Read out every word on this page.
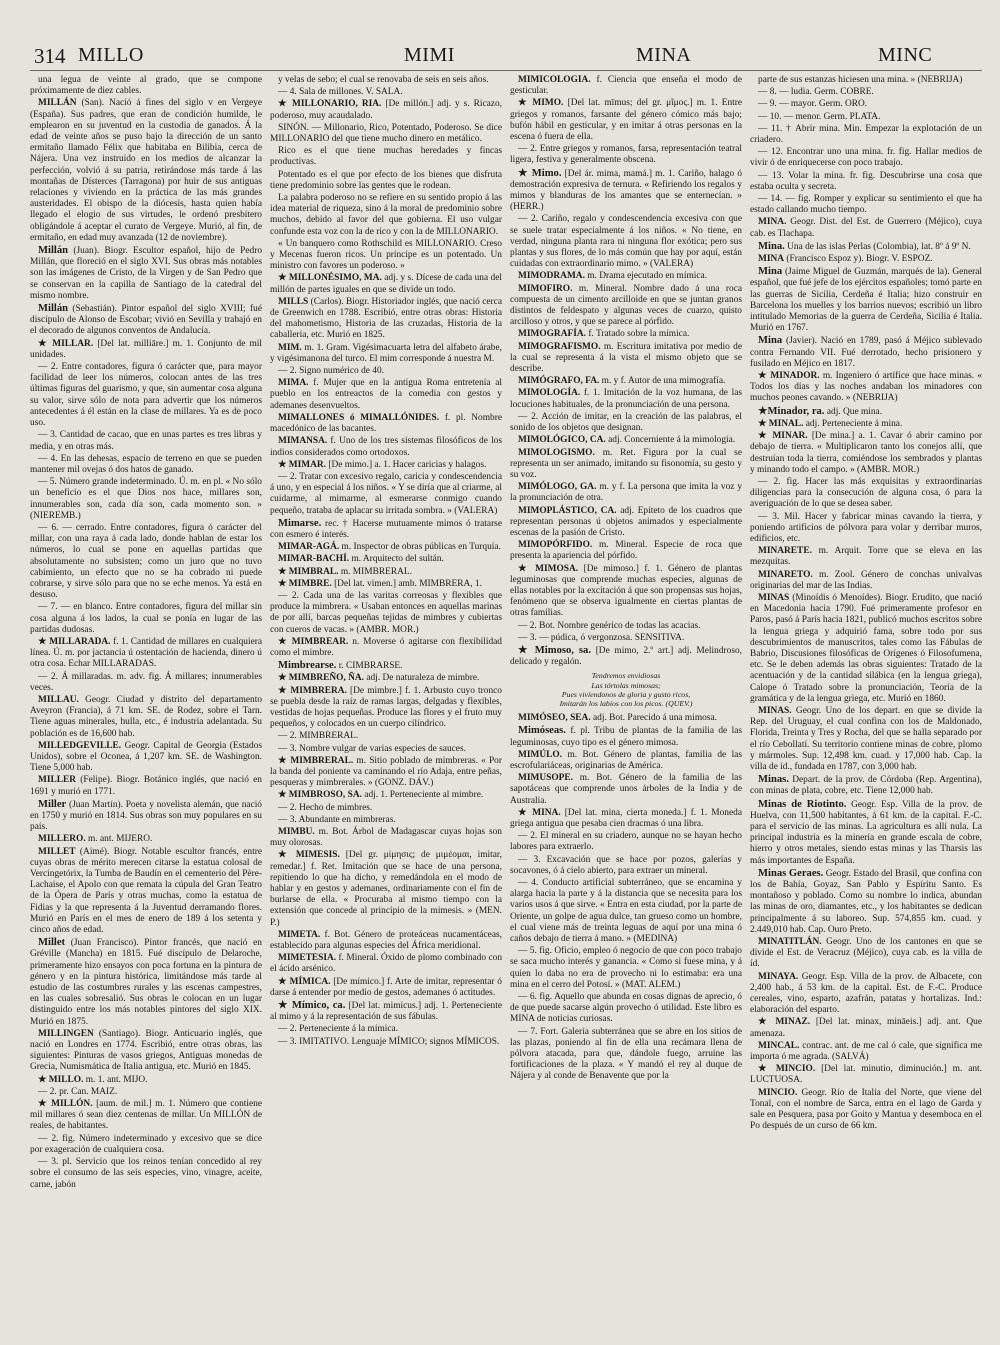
314 MILLO	MIMI	MINA	MINC

una legua de veinte al grado, que se compone próximamente de diez cables.

MILLÁN (San). Nació á fines del siglo v en Vergeye (España). Sus padres, que eran de condición humilde, le emplearon en su juventud en la custodia de ganados. Á la edad de veinte años se puso bajo la dirección de un santo ermitaño llamado Félix que habitaba en Bilibia, cerca de Nájera. Una vez instruído en los medios de alcanzar la perfección, volvió á su patria, retirándose más tarde á las montañas de Dísterces (Tarragona) por huir de sus antiguas relaciones y viviendo en la práctica de las más grandes austeridades. El obispo de la diócesis, hasta quien había llegado el elogio de sus virtudes, le ordenó presbítero obligándole á aceptar el curato de Vergeye. Murió, al fin, de ermitaño, en edad muy avanzada (12 de noviembre).

Millán (Juan). Biogr. Escultor español, hijo de Pedro Millán, que floreció en el siglo XVI. Sus obras más notables son las imágenes de Cristo, de la Virgen y de San Pedro que se conservan en la capilla de Santiago de la catedral del mismo nombre.

Millán (Sebastián). Pintor español del siglo XVIII; fué discípulo de Alonso de Escobar; vivió en Sevilla y trabajó en el decorado de algunos conventos de Andalucía.

★ MILLAR. [Del lat. milliāre.] m. 1. Conjunto de mil unidades.

— 2. Entre contadores, figura ó carácter que, para mayor facilidad de leer los números, colocan antes de las tres últimas figuras del guarismo, y que, sin aumentar cosa alguna su valor, sirve sólo de nota para advertir que los números antecedentes á él están en la clase de millares. Ya es de poco uso.

— 3. Cantidad de cacao, que en unas partes es tres libras y media, y en otras más.

— 4. En las dehesas, espacio de terreno en que se pueden mantener mil ovejas ó dos hatos de ganado.

— 5. Número grande indeterminado. Ú. m. en pl. « No sólo un beneficio es el que Dios nos hace, millares son, innumerables son, cada día son, cada momento son. » (NIEREMB.)

— 6. — cerrado. Entre contadores, figura ó carácter del millar, con una raya á cada lado, donde hablan de estar los números, lo cual se pone en aquellas partidas que absolutamente no subsisten; como un juro que no tuvo cabimiento, un efecto que no se ha cobrado ni puede cobrarse, y sirve sólo para que no se eche menos. Ya está en desuso.

— 7. — en blanco. Entre contadores, figura del millar sin cosa alguna á los lados, la cual se ponía en lugar de las partidas dudosas.

★ MILLARADA. f. 1. Cantidad de millares en cualquiera línea. Ú. m. por jactancia ú ostentación de hacienda, dinero ú otra cosa. Echar MILLARADAS.

— 2. Á millaradas. m. adv. fig. Á millares; innumerables veces.

MILLAU. Geogr. Ciudad y distrito del departamento Aveyron (Francia), á 71 km. SE. de Rodez, sobre el Tarn. Tiene aguas minerales, hulla, etc., é industria adelantada. Su población es de 16,600 hab.

MILLEDGEVILLE. Geogr. Capital de Georgia (Estados Unidos), sobre el Oconea, á 1,207 km. SE. de Washington. Tiene 5,000 hab.

MILLER (Felipe). Biogr. Botánico inglés, que nació en 1691 y murió en 1771.

Miller (Juan Martín). Poeta y novelista alemán, que nació en 1750 y murió en 1814. Sus obras son muy populares en su país.

MILLERO. m. ant. MIJERO.

MILLET (Aimé). Biogr. Notable escultor francés, entre cuyas obras de mérito merecen citarse la estatua colosal de Vercingetórix, la Tumba de Baudín en el cementerio del Père-Lachaise, el Apolo con que remata la cúpula del Gran Teatro de la Ópera de París y otras muchas, como la estatua de Fidias y la que representa á la Juventud derramando flores. Murió en París en el mes de enero de 189 á los setenta y cinco años de edad.

Millet (Juan Francisco). Pintor francés, que nació en Gréville (Mancha) en 1815. Fué discípulo de Delaroche, primeramente hizo ensayos con poca fortuna en la pintura de género y en la pintura histórica, limitándose más tarde al estudio de las costumbres rurales y las escenas campestres, en las cuales sobresalió. Sus obras le colocan en un lugar distinguido entre los más notables pintores del siglo XIX. Murió en 1875.

MILLINGEN (Santiago). Biogr. Anticuario inglés, que nació en Londres en 1774. Escribió, entre otras obras, las siguientes: Pinturas de vasos griegos, Antiguas monedas de Grecia, Numismática de Italia antigua, etc. Murió en 1845.

★ MILLO. m. 1. ant. MIJO.

— 2. pr. Can. MAIZ.

★ MILLÓN. [aum. de mil.] m. 1. Número que contiene mil millares ó sean diez centenas de millar. Un MILLÓN de reales, de habitantes.

— 2. fig. Número indeterminado y excesivo que se dice por exageración de cualquiera cosa.

— 3. pl. Servicio que los reinos tenían concedido al rey sobre el consumo de las seis especies, vino, vinagre, aceite, carne, jabón

y velas de sebo; el cual se renovaba de seis en seis años.

— 4. Sala de millones. V. SALA.

★ MILLONARIO, RIA. [De millón.] adj. y s. Ricazo, poderoso, muy acaudalado.

SINÓN. — Millonario, Rico, Potentado, Poderoso. Se dice MILLONARIO del que tiene mucho dinero en metálico.

Rico es el que tiene muchas heredades y fincas productivas.

Potentado es el que por efecto de los bienes que disfruta tiene predominio sobre las gentes que le rodean.

La palabra poderoso no se refiere en su sentido propio á las idea material de riqueza, sino á la moral de predominio sobre muchos, debido al favor del que gobierna. El uso vulgar confunde esta voz con la de rico y con la de MILLONARIO.

« Un banquero como Rothschild es MILLONARIO. Creso y Mecenas fueron ricos. Un príncipe es un potentado. Un ministro con favores un poderoso. »

★ MILLONÉSIMO, MA. adj. y s. Dícese de cada una del millón de partes iguales en que se divide un todo.

MILLS (Carlos). Biogr. Historiador inglés, que nació cerca de Greenwich en 1788. Escribió, entre otras obras: Historia del mahometismo, Historia de las cruzadas, Historia de la caballería, etc. Murió en 1825.

MIM. m. 1. Gram. Vigésimacuarta letra del alfabeto árabe, y vigésimanona del turco. El mim corresponde á nuestra M.

— 2. Signo numérico de 40.

MIMA. f. Mujer que en la antigua Roma entretenía al pueblo en los entreactos de la comedia con gestos y ademanes desenvueltos.

MIMALLONES ó MIMALLÓNIDES. f. pl. Nombre macedónico de las bacantes.

MIMANSA. f. Uno de los tres sistemas filosóficos de los indios considerados como ortodoxos.

★ MIMAR. [De mimo.] a. 1. Hacer caricias y halagos.

— 2. Tratar con excesivo regalo, caricia y condescendencia á uno, y en especial á los niños. « Y se diría que al criarme, al cuidarme, al mimarme, al esmerarse conmigo cuando pequeño, trataba de aplacar su irritada sombra. » (VALERA)

Mimarse. rec. † Hacerse mutuamente mimos ó tratarse con esmero é interés.

MIMAR-AGÁ. m. Inspector de obras públicas en Turquía.

MIMAR-BACHÍ. m. Arquitecto del sultán.

★ MIMBRAL. m. MIMBRERAL.

★ MIMBRE. [Del lat. vimen.] amb. MIMBRERA, 1.

— 2. Cada una de las varitas correosas y flexibles que produce la mimbrera. « Usaban entonces en aquellas marinas de por allí, barcas pequeñas tejidas de mimbres y cubiertas con cueros de vacas. » (AMBR. MOR.)

★ MIMBREAR. n. Moverse ó agitarse con flexibilidad como el mimbre.

Mimbrearse. r. CIMBRARSE.

★ MIMBREÑO, ÑA. adj. De naturaleza de mimbre.

★ MIMBRERA. [De mimbre.] f. 1. Arbusto cuyo tronco se puebla desde la raíz de ramas largas, delgadas y flexibles, vestidas de hojas pequeñas. Produce las flores y el fruto muy pequeños, y colocados en un cuerpo cilíndrico.

— 2. MIMBRERAL.

— 3. Nombre vulgar de varias especies de sauces.

★ MIMBRERAL. m. Sitio poblado de mimbreras. « Por la banda del poniente va caminando el río Adaja, entre peñas, pesqueras y mimbrerales. » (GONZ. DÁV.)

★ MIMBROSO, SA. adj. 1. Perteneciente al mimbre.

— 2. Hecho de mimbres.

— 3. Abundante en mimbreras.

MIMBU. m. Bot. Árbol de Madagascar cuyas hojas son muy olorosas.

★ MIMESIS. [Del gr. μίμησις; de μιμέομαι, imitar, remedar.] f. Ret. Imitación que se hace de una persona, repitiendo lo que ha dicho, y remedándola en el modo de hablar y en gestos y ademanes, ordinariamente con el fin de burlarse de ella. « Procuraba al mismo tiempo con la extensión que concede al principio de la mimesis. » (MEN. P.)

MIMETA. f. Bot. Género de proteáceas nucamentáceas, establecido para algunas especies del África meridional.

MIMETESIA. f. Mineral. Óxido de plomo combinado con el ácido arsénico.

★ MÍMICA. [De mímico.] f. Arte de imitar, representar ó darse á entender por medio de gestos, ademanes ó actitudes.

★ Mímico, ca. [Del lat. mimicus.] adj. 1. Perteneciente al mimo y á la representación de sus fábulas.

— 2. Perteneciente á la mímica.

— 3. IMITATIVO. Lenguaje MÍMICO; signos MÍMICOS.

MIMICOLOGÍA. f. Ciencia que enseña el modo de gesticular.

★ MIMO. [Del lat. mīmus; del gr. μῖμος.] m. 1. Entre griegos y romanos, farsante del género cómico más bajo; bufón hábil en gesticular, y en imitar á otras personas en la escena ó fuera de ella.

— 2. Entre griegos y romanos, farsa, representación teatral ligera, festiva y generalmente obscena.

★ Mimo. [Del ár. mima, mamá.] m. 1. Cariño, halago ó demostración expresiva de ternura. « Refiriendo los regalos y mimos y blanduras de los amantes que se enternecían. » (HERR.)

— 2. Cariño, regalo y condescendencia excesiva con que se suele tratar especialmente á los niños. « No tiene, en verdad, ninguna planta rara ni ninguna flor exótica; pero sus plantas y sus flores, de lo más común que hay por aquí, están cuidadas con extraordinario mimo. » (VALERA)

MIMODRAMA. m. Drama ejecutado en mímica.

MIMOFIRO. m. Mineral. Nombre dado á una roca compuesta de un cimento arcilloide en que se juntan granos distintos de feldespato y algunas veces de cuarzo, quisto arcilloso y otros, y que se parece al pórfido.

MIMOGRAFÍA. f. Tratado sobre la mímica.

MIMOGRAFISMO. m. Escritura imitativa por medio de la cual se representa á la vista el mismo objeto que se describe.

MIMÓGRAFO, FA. m. y f. Autor de una mimografía.

MIMOLOGÍA. f. 1. Imitación de la voz humana, de las locuciones habituales, de la pronunciación de una persona.

— 2. Acción de imitar, en la creación de las palabras, el sonido de los objetos que designan.

MIMOLÓGICO, CA. adj. Concerniente á la mimología.

MIMOLOGISMO. m. Ret. Figura por la cual se representa un ser animado, imitando su fisonomía, su gesto y su voz.

MIMÓLOGO, GA. m. y f. La persona que imita la voz y la pronunciación de otra.

MIMOPLÁSTICO, CA. adj. Epíteto de los cuadros que representan personas ú objetos animados y especialmente escenas de la pasión de Cristo.

MIMOPÓRFIDO. m. Mineral. Especie de roca que presenta la apariencia del pórfido.

★ MIMOSA. [De mimoso.] f. 1. Género de plantas leguminosas que comprende muchas especies, algunas de ellas notables por la excitación á que son propensas sus hojas, fenómeno que se observa igualmente en ciertas plantas de otras familias.

— 2. Bot. Nombre genérico de todas las acacias.

— 3. — púdica, ó vergonzosa. SENSITIVA.

★ Mimoso, sa. [De mimo, 2.º art.] adj. Melindroso, delicado y regalón.

Tendremos envidiosas
Las tórtolas mimosas;
Pues vivíendonos de gloria y gusto ricos,
Imitarán los labios con los picos. (QUEV.)

MIMÓSEO, SEA. adj. Bot. Parecido á una mimosa.

Mimóseas. f. pl. Tribu de plantas de la familia de las leguminosas, cuyo tipo es el género mimosa.

MIMÚLO. m. Bot. Género de plantas, familia de las escrofulariáceas, originarias de América.

MIMUSOPE. m. Bot. Género de la familia de las sapotáceas que comprende unos árboles de la India y de Australia.

★ MINA. [Del lat. mina, cierta moneda.] f. 1. Moneda griega antigua que pesaba cien dracmas ó una libra.

— 2. El mineral en su criadero, aunque no se hayan hecho labores para extraerlo.

— 3. Excavación que se hace por pozos, galerías y socavones, ó á cielo abierto, para extraer un mineral.

— 4. Conducto artificial subterráneo, que se encamina y alarga hacia la parte y á la distancia que se necesita para los varios usos á que sirve. « Entra en esta ciudad, por la parte de Oriente, un golpe de agua dulce, tan grueso como un hombre, el cual viene más de treinta leguas de aquí por una mina ó caños debajo de tierra á mano. » (MEDINA)

— 5. fig. Oficio, empleo ó negocio de que con poco trabajo se saca mucho interés y ganancia. « Como si fuese mina, y á quien lo daba no era de provecho ni lo estimaba: era una mina en el cerro del Potosí. » (MAT. ALEM.)

— 6. fig. Aquello que abunda en cosas dignas de aprecio, ó de que puede sacarse algún provecho ó utilidad. Este libro es MINA de noticias curiosas.

— 7. Fort. Galería subterránea que se abre en los sitios de las plazas, poniendo al fin de ella una recámara llena de pólvora atacada, para que, dándole fuego, arruine las fortificaciones de la plaza. « Y mandó el rey al duque de Nájera y al conde de Benavente que por la

parte de sus estanzas hiciesen una mina. » (NEBRIJA)

— 8. — ludia. Germ. COBRE.

— 9. — mayor. Germ. ORO.

— 10. — menor. Germ. PLATA.

— 11. † Abrir mina. Min. Empezar la explotación de un criadero.

— 12. Encontrar uno una mina. fr. fig. Hallar medios de vivir ó de enriquecerse con poco trabajo.

— 13. Volar la mina. fr. fig. Descubrirse una cosa que estaba oculta y secreta.

— 14. — fig. Romper y explicar su sentimiento el que ha estado callando mucho tiempo.

MINA. Geogr. Dist. del Est. de Guerrero (Méjico), cuya cab. es Tlachapa.

Mina. Una de las islas Perlas (Colombia), lat. 8º á 9º N.

MINA (Francisco Espoz y). Biogr. V. ESPOZ.

Mina (Jaime Miguel de Guzmán, marqués de la). General español, que fué jefe de los ejércitos españoles; tomó parte en las guerras de Sicilia, Cerdeña é Italia; hizo construir en Barcelona los muelles y los barrios nuevos; escribió un libro intitulado Memorias de la guerra de Cerdeña, Sicilia é Italia. Murió en 1767.

Mina (Javier). Nació en 1789, pasó á Méjico sublevado contra Fernando VII. Fué derrotado, hecho prisionero y fusilado en Méjico en 1817.

★ MINADOR. m. Ingeniero ó artífice que hace minas. « Todos los días y las noches andaban los minadores con muchos peones cavando. » (NEBRIJA)

★Minador, ra. adj. Que mina.

★ MINAL. adj. Perteneciente á mina.

★ MINAR. [De mina.] a. 1. Cavar ó abrir camino por debajo de tierra. « Multiplicaron tanto los conejos allí, que destruían toda la tierra, comiéndose los sembrados y plantas y minando todo el campo. » (AMBR. MOR.)

— 2. fig. Hacer las más exquisitas y extraordinarias diligencias para la consecución de alguna cosa, ó para la averiguación de lo que se desea saber.

— 3. Mil. Hacer y fabricar minas cavando la tierra, y poniendo artificios de pólvora para volar y derribar muros, edificios, etc.

MINARETE. m. Arquit. Torre que se eleva en las mezquitas.

MINARETO. m. Zool. Género de conchas univalvas originarias del mar de las Indias.

MINAS (Minoídis ó Menoídes). Biogr. Erudito, que nació en Macedonia hacia 1790. Fué primeramente profesor en Paros, pasó á París hacia 1821, publicó muchos escritos sobre la lengua griega y adquirió fama, sobre todo por sus descubrimientos de manuscritos, tales como las Fábulas de Babrio, Discusiones filosóficas de Orígenes ó Filosofumena, etc. Se le deben además las obras siguientes: Tratado de la acentuación y de la cantidad silábica (en la lengua griega), Calope ó Tratado sobre la pronunciación, Teoría de la gramática y de la lengua griega, etc. Murió en 1860.

MINAS. Geogr. Uno de los depart. en que se divide la Rep. del Uruguay, el cual confina con los de Maldonado, Florida, Treinta y Tres y Rocha, del que se halla separado por el río Cebollatí. Su territorio contiene minas de cobre, plomo y mármoles. Sup. 12,498 km. cuad. y 17,000 hab. Cap. la villa de íd., fundada en 1787, con 3,000 hab.

Minas. Depart. de la prov. de Córdoba (Rep. Argentina), con minas de plata, cobre, etc. Tiene 12,000 hab.

Minas de Riotinto. Geogr. Esp. Villa de la prov. de Huelva, con 11,500 habitantes, á 61 km. de la capital. F.-C. para el servicio de las minas. La agricultura es allí nula. La principal industria es la minería en grande escala de cobre, hierro y otros metales, siendo estas minas y las Tharsis las más importantes de España.

Minas Geraes. Geogr. Estado del Brasil, que confina con los de Bahía, Goyaz, San Pablo y Espíritu Santo. Es montañoso y poblado. Como su nombre lo indica, abundan las minas de oro, diamantes, etc., y los habitantes se dedican principalmente á su laboreo. Sup. 574,855 km. cuad. y 2.449,010 hab. Cap. Ouro Preto.

MINATITLÁN. Geogr. Uno de los cantones en que se divide el Est. de Veracruz (Méjico), cuya cab. es la villa de íd.

MINAYA. Geogr. Esp. Villa de la prov. de Albacete, con 2,400 hab., á 53 km. de la capital. Est. de F.-C. Produce cereales, vino, esparto, azafrán, patatas y hortalizas. Ind.: elaboración del esparto.

★ MINAZ. [Del lat. minax, mināeis.] adj. ant. Que amenaza.

MINCAL. contrac. ant. de me cal ó cale, que significa me importa ó me agrada. (SALVÁ)

★ MINCIO. [Del lat. minutio, diminución.] m. ant. LUCTUOSA.

MINCIO. Geogr. Río de Italia del Norte, que viene del Tonal, con el nombre de Sarca, entra en el lago de Garda y sale en Pesquera, pasa por Goito y Mantua y desemboca en el Po después de un curso de 66 km.
